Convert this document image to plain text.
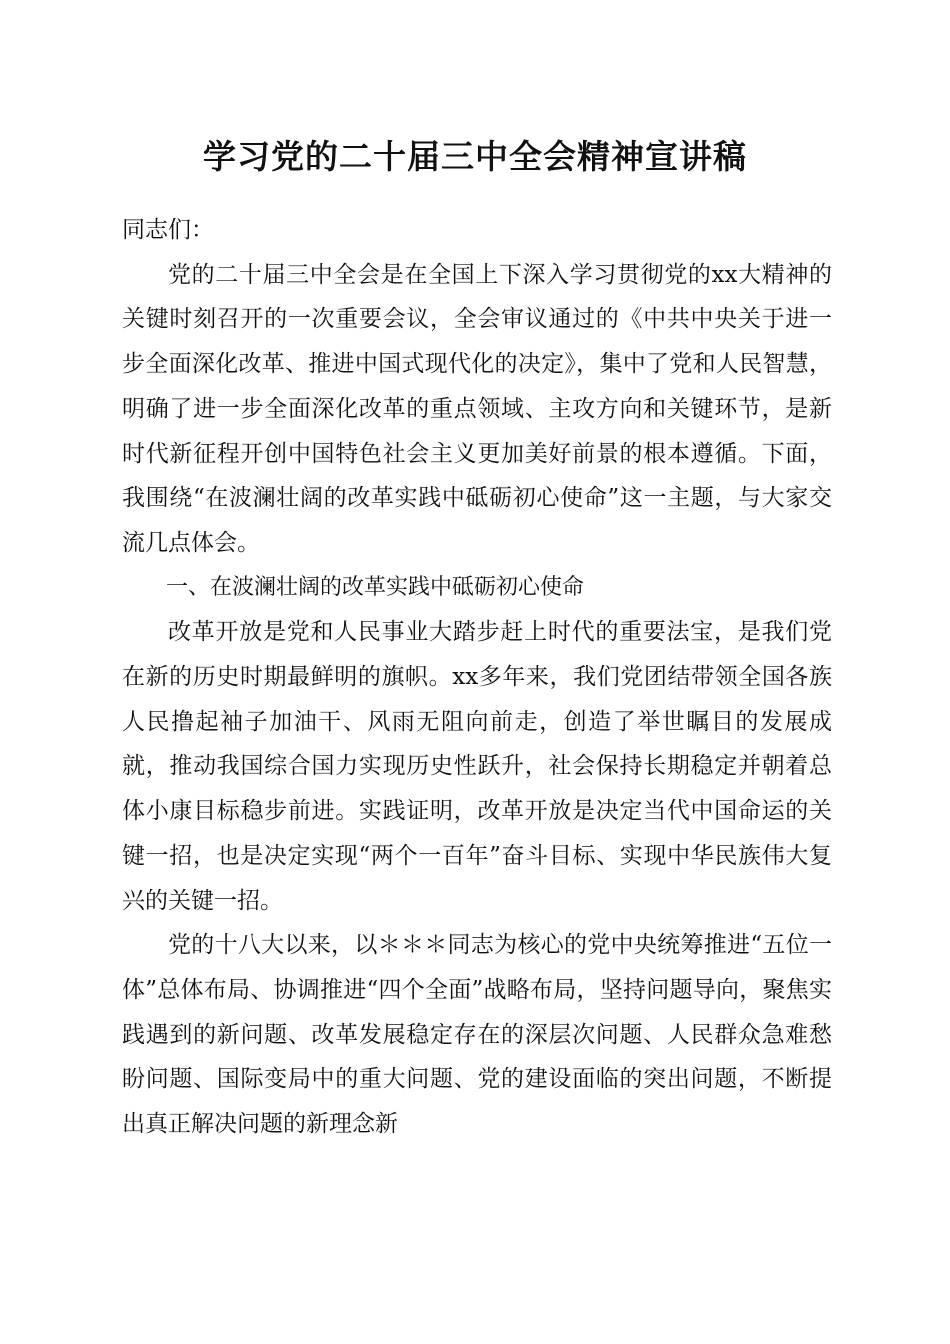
学习党的二十届三中全会精神宣讲稿

同志们：

党的二十届三中全会是在全国上下深入学习贯彻党的xx大精神的关键时刻召开的一次重要会议，全会审议通过的《中共中央关于进一步全面深化改革、推进中国式现代化的决定》，集中了党和人民智慧，明确了进一步全面深化改革的重点领域、主攻方向和关键环节，是新时代新征程开创中国特色社会主义更加美好前景的根本遵循。下面，我围绕“在波澜壮阔的改革实践中砥砺初心使命”这一主题，与大家交流几点体会。

一、在波澜壮阔的改革实践中砥砺初心使命

改革开放是党和人民事业大踏步赶上时代的重要法宝，是我们党在新的历史时期最鲜明的旗帜。xx多年来，我们党团结带领全国各族人民撸起袖子加油干、风雨无阻向前走，创造了举世瞩目的发展成就，推动我国综合国力实现历史性跃升，社会保持长期稳定并朝着总体小康目标稳步前进。实践证明，改革开放是决定当代中国命运的关键一招，也是决定实现“两个一百年”奋斗目标、实现中华民族伟大复兴的关键一招。

党的十八大以来，以＊＊＊同志为核心的党中央统筹推进“五位一体”总体布局、协调推进“四个全面”战略布局，坚持问题导向，聚焦实践遇到的新问题、改革发展稳定存在的深层次问题、人民群众急难愁盼问题、国际变局中的重大问题、党的建设面临的突出问题，不断提出真正解决问题的新理念新
